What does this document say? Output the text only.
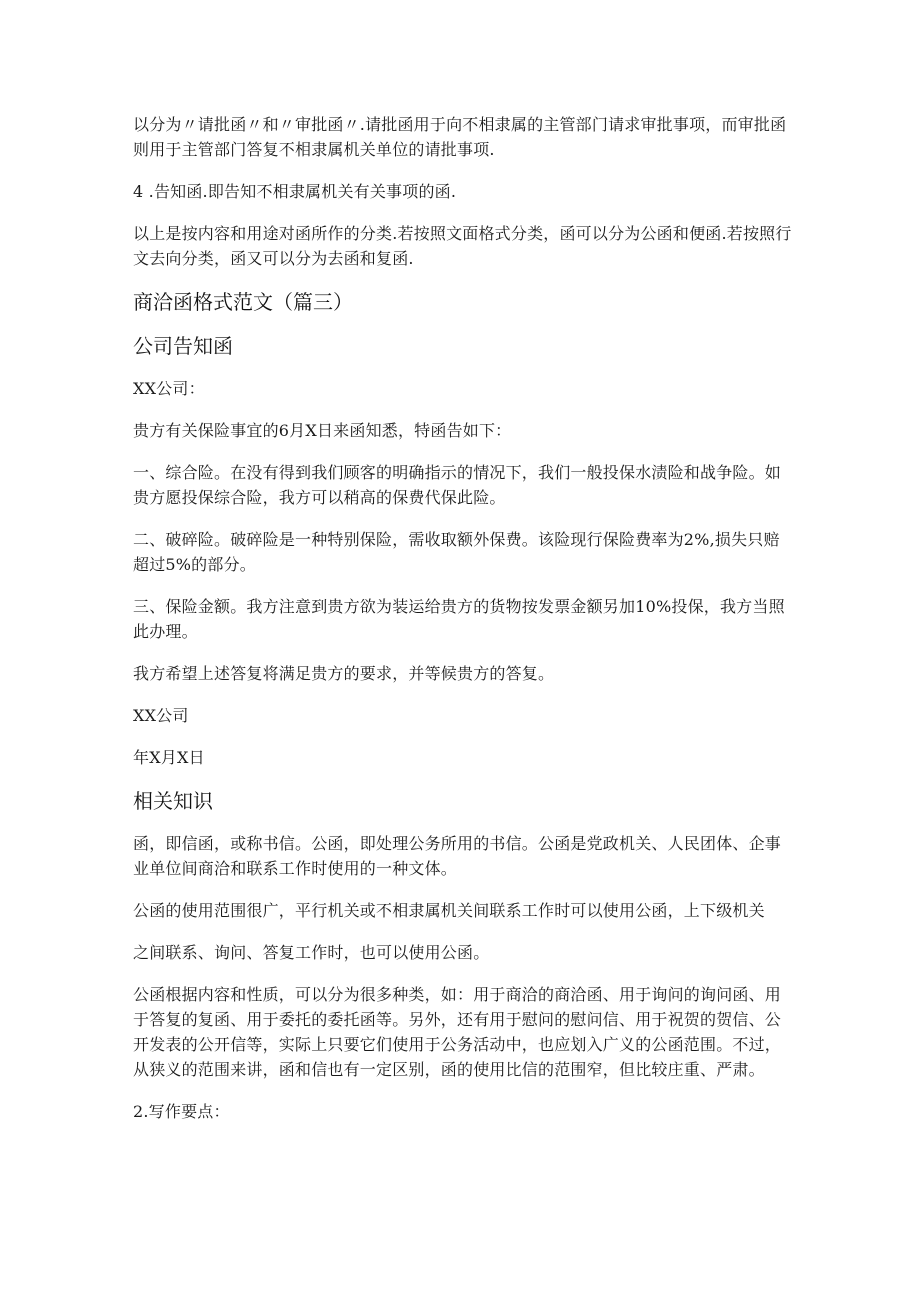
以分为〃请批函〃和〃审批函〃.请批函用于向不相隶属的主管部门请求审批事项，而审批函则用于主管部门答复不相隶属机关单位的请批事项.

4 .告知函.即告知不相隶属机关有关事项的函.

以上是按内容和用途对函所作的分类.若按照文面格式分类，函可以分为公函和便函.若按照行文去向分类，函又可以分为去函和复函.

商洽函格式范文（篇三）
公司告知函

XX公司：

贵方有关保险事宜的6月X日来函知悉，特函告如下：

一、综合险。在没有得到我们顾客的明确指示的情况下，我们一般投保水渍险和战争险。如贵方愿投保综合险，我方可以稍高的保费代保此险。

二、破碎险。破碎险是一种特别保险，需收取额外保费。该险现行保险费率为2%,损失只赔超过5%的部分。

三、保险金额。我方注意到贵方欲为装运给贵方的货物按发票金额另加10%投保，我方当照此办理。

我方希望上述答复将满足贵方的要求，并等候贵方的答复。

XX公司

年X月X日

相关知识

函，即信函，或称书信。公函，即处理公务所用的书信。公函是党政机关、人民团体、企事业单位间商洽和联系工作时使用的一种文体。

公函的使用范围很广，平行机关或不相隶属机关间联系工作时可以使用公函，上下级机关

之间联系、询问、答复工作时，也可以使用公函。

公函根据内容和性质，可以分为很多种类，如：用于商洽的商洽函、用于询问的询问函、用于答复的复函、用于委托的委托函等。另外，还有用于慰问的慰问信、用于祝贺的贺信、公开发表的公开信等，实际上只要它们使用于公务活动中，也应划入广义的公函范围。不过，从狭义的范围来讲，函和信也有一定区别，函的使用比信的范围窄，但比较庄重、严肃。

2.写作要点：
